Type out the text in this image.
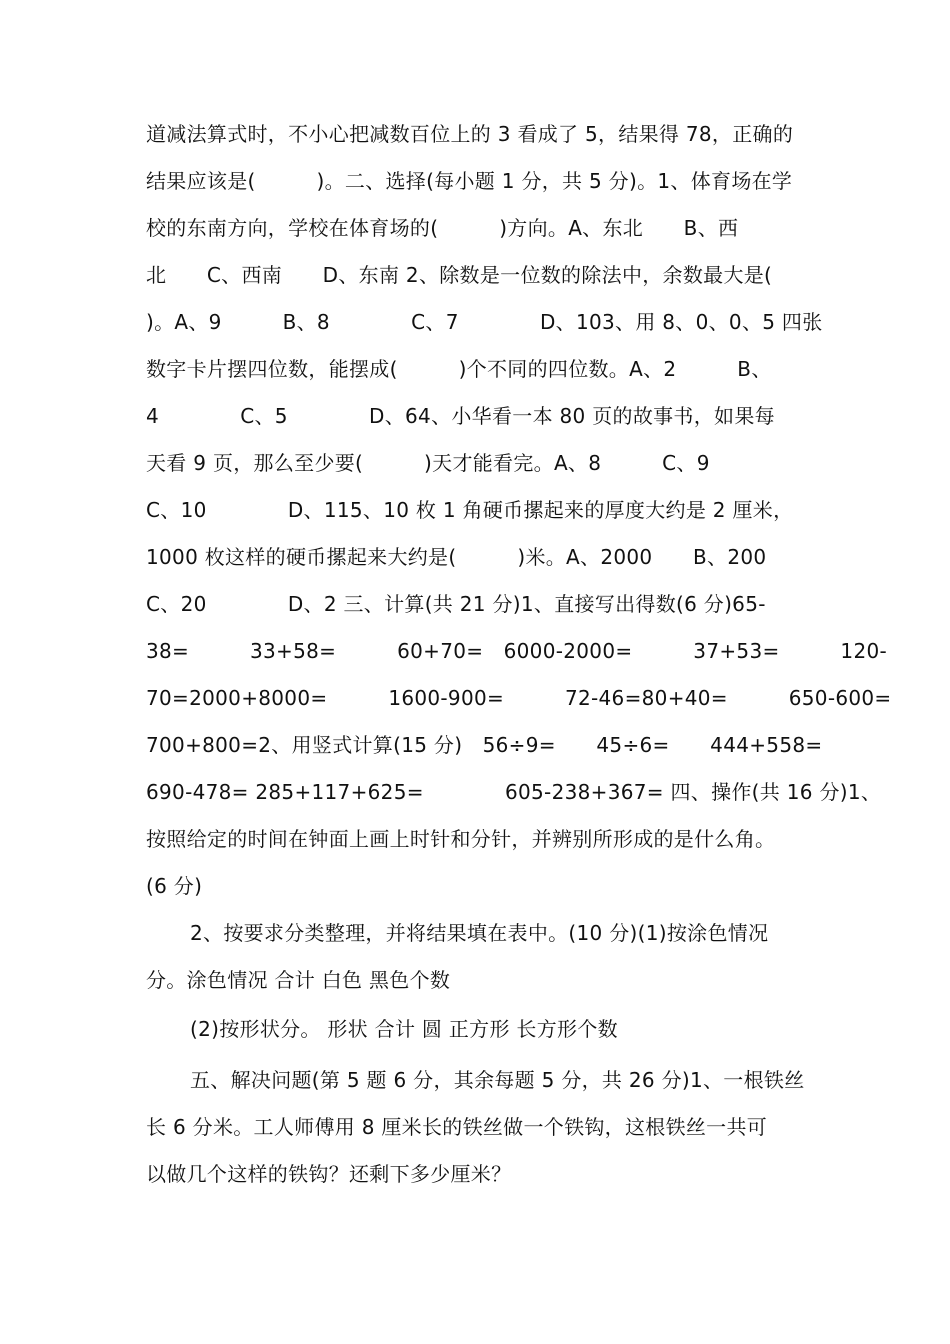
道减法算式时，不小心把减数百位上的 3 看成了 5，结果得 78，正确的
结果应该是(　　　)。二、选择(每小题 1 分，共 5 分)。1、体育场在学
校的东南方向，学校在体育场的(　　　)方向。A、东北　　B、西
北　　C、西南　　D、东南 2、除数是一位数的除法中，余数最大是(
)。A、9　　　B、8　　　　C、7　　　　D、103、用 8、0、0、5 四张
数字卡片摆四位数，能摆成(　　　)个不同的四位数。A、2　　　B、
4　　　　C、5　　　　D、64、小华看一本 80 页的故事书，如果每
天看 9 页，那么至少要(　　　)天才能看完。A、8　　　C、9
C、10　　　　D、115、10 枚 1 角硬币摞起来的厚度大约是 2 厘米，
1000 枚这样的硬币摞起来大约是(　　　)米。A、2000　　B、200
C、20　　　　D、2 三、计算(共 21 分)1、直接写出得数(6 分)65-
38=　　　33+58=　　　60+70=　6000-2000=　　　37+53=　　　120-
70=2000+8000=　　　1600-900=　　　72-46=80+40=　　　650-600=
700+800=2、用竖式计算(15 分)　56÷9=　　45÷6=　　444+558=
690-478= 285+117+625=　　　　605-238+367= 四、操作(共 16 分)1、
按照给定的时间在钟面上画上时针和分针，并辨别所形成的是什么角。
(6 分)
2、按要求分类整理，并将结果填在表中。(10 分)(1)按涂色情况
分。涂色情况 合计 白色 黑色个数
(2)按形状分。 形状 合计 圆 正方形 长方形个数
五、解决问题(第 5 题 6 分，其余每题 5 分，共 26 分)1、一根铁丝
长 6 分米。工人师傅用 8 厘米长的铁丝做一个铁钩，这根铁丝一共可
以做几个这样的铁钩？还剩下多少厘米？
